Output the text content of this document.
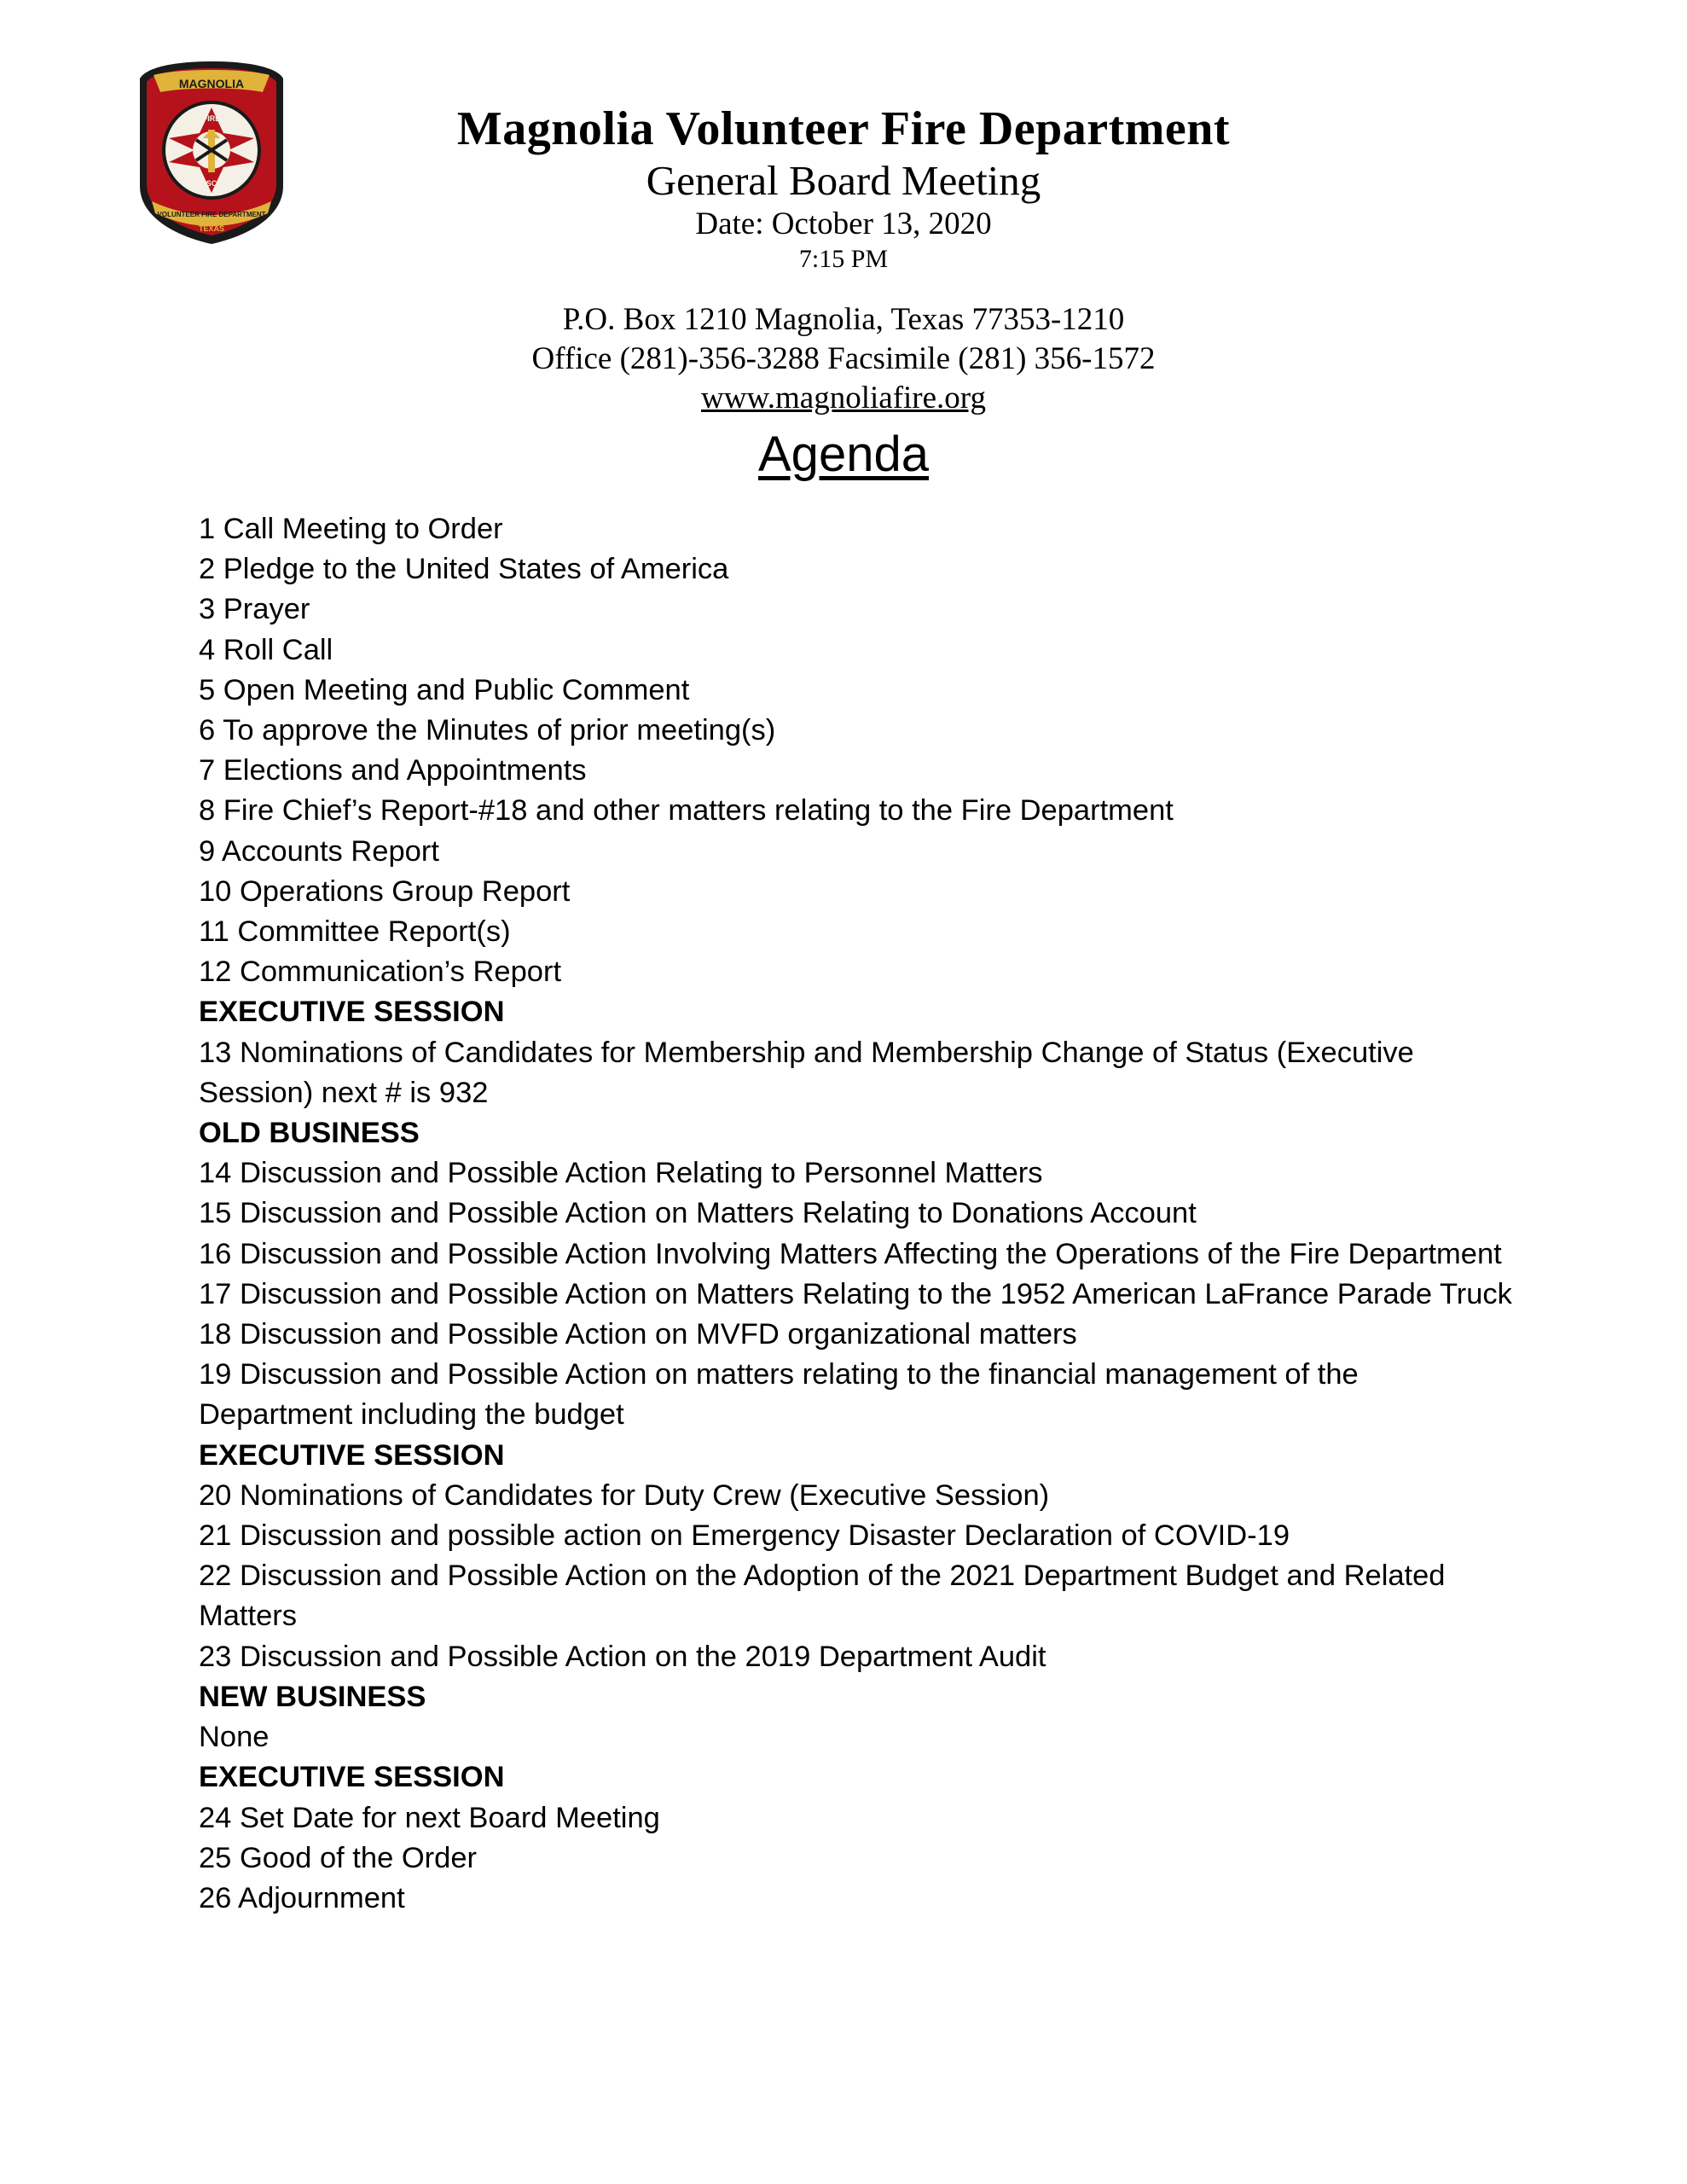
MAGNOLIA
FIRE
RESCUE
VOLUNTEER FIRE DEPARTMENT
TEXAS
Magnolia Volunteer Fire Department
General Board Meeting
Date: October 13, 2020
7:15 PM
P.O. Box 1210 Magnolia, Texas 77353-1210
Office (281)-356-3288 Facsimile (281) 356-1572
www.magnoliafire.org
Agenda
1 Call Meeting to Order
2 Pledge to the United States of America
3 Prayer
4 Roll Call
5 Open Meeting and Public Comment
6 To approve the Minutes of prior meeting(s)
7 Elections and Appointments
8 Fire Chief’s Report-#18 and other matters relating to the Fire Department
9 Accounts Report
10 Operations Group Report
11 Committee Report(s)
12 Communication’s Report
EXECUTIVE SESSION
13 Nominations of Candidates for Membership and Membership Change of Status (Executive Session) next # is 932
OLD BUSINESS
14 Discussion and Possible Action Relating to Personnel Matters
15 Discussion and Possible Action on Matters Relating to Donations Account
16 Discussion and Possible Action Involving Matters Affecting the Operations of the Fire Department
17 Discussion and Possible Action on Matters Relating to the 1952 American LaFrance Parade Truck
18 Discussion and Possible Action on MVFD organizational matters
19 Discussion and Possible Action on matters relating to the financial management of the Department including the budget
EXECUTIVE SESSION
20 Nominations of Candidates for Duty Crew (Executive Session)
21 Discussion and possible action on Emergency Disaster Declaration of COVID-19
22 Discussion and Possible Action on the Adoption of the 2021 Department Budget and Related Matters
23 Discussion and Possible Action on the 2019 Department Audit
NEW BUSINESS
None
EXECUTIVE SESSION
24 Set Date for next Board Meeting
25 Good of the Order
26 Adjournment
